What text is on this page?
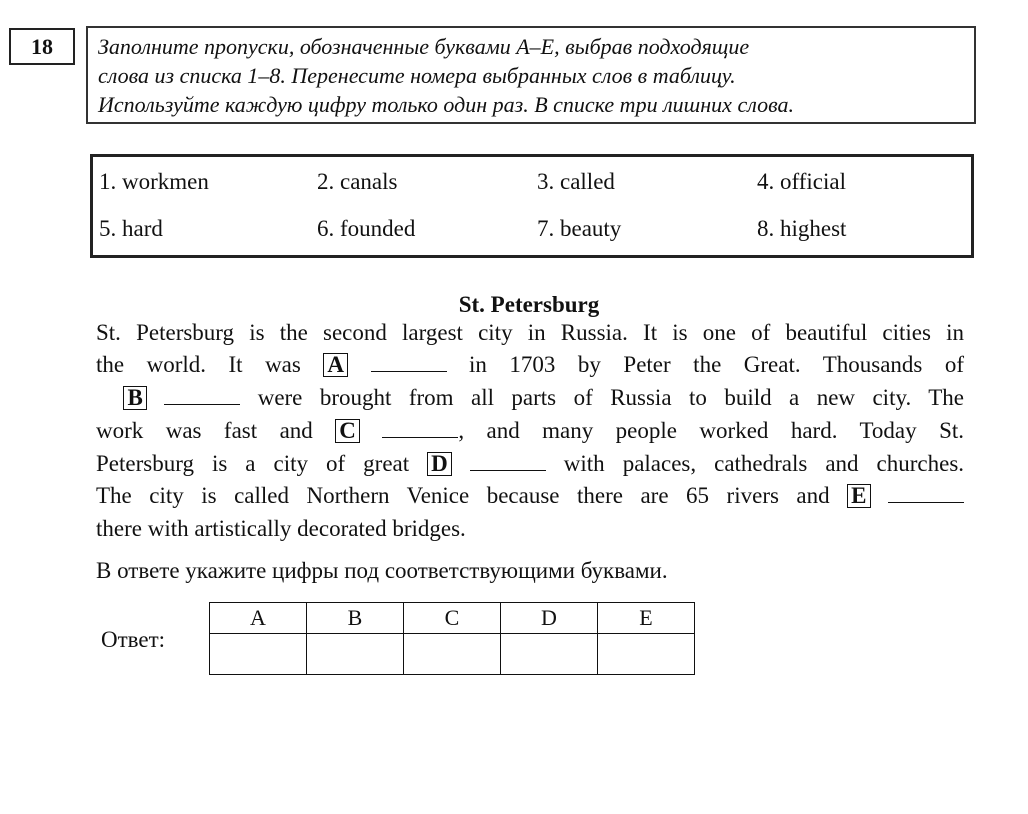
18	Заполните пропуски, обозначенные буквами A–E, выбрав подходящие
слова из списка 1–8. Перенесите номера выбранных слов в таблицу.
Используйте каждую цифру только один раз. В списке три лишних слова.
1. workmen	2. canals	3. called	4. official
5. hard	6. founded	7. beauty	8. highest
St. Petersburg
St. Petersburg is the second largest city in Russia. It is one of beautiful cities in
the world. It was A	in 1703 by Peter the Great. Thousands of
B	were brought from all parts of Russia to build a new city. The
work was fast and C	, and many people worked hard. Today St.
Petersburg is a city of great D	with palaces, cathedrals and churches.
The city is called Northern Venice because there are 65 rivers and E
there with artistically decorated bridges.
В ответе укажите цифры под соответствующими буквами.
Ответ:
A	B	C	D	E
